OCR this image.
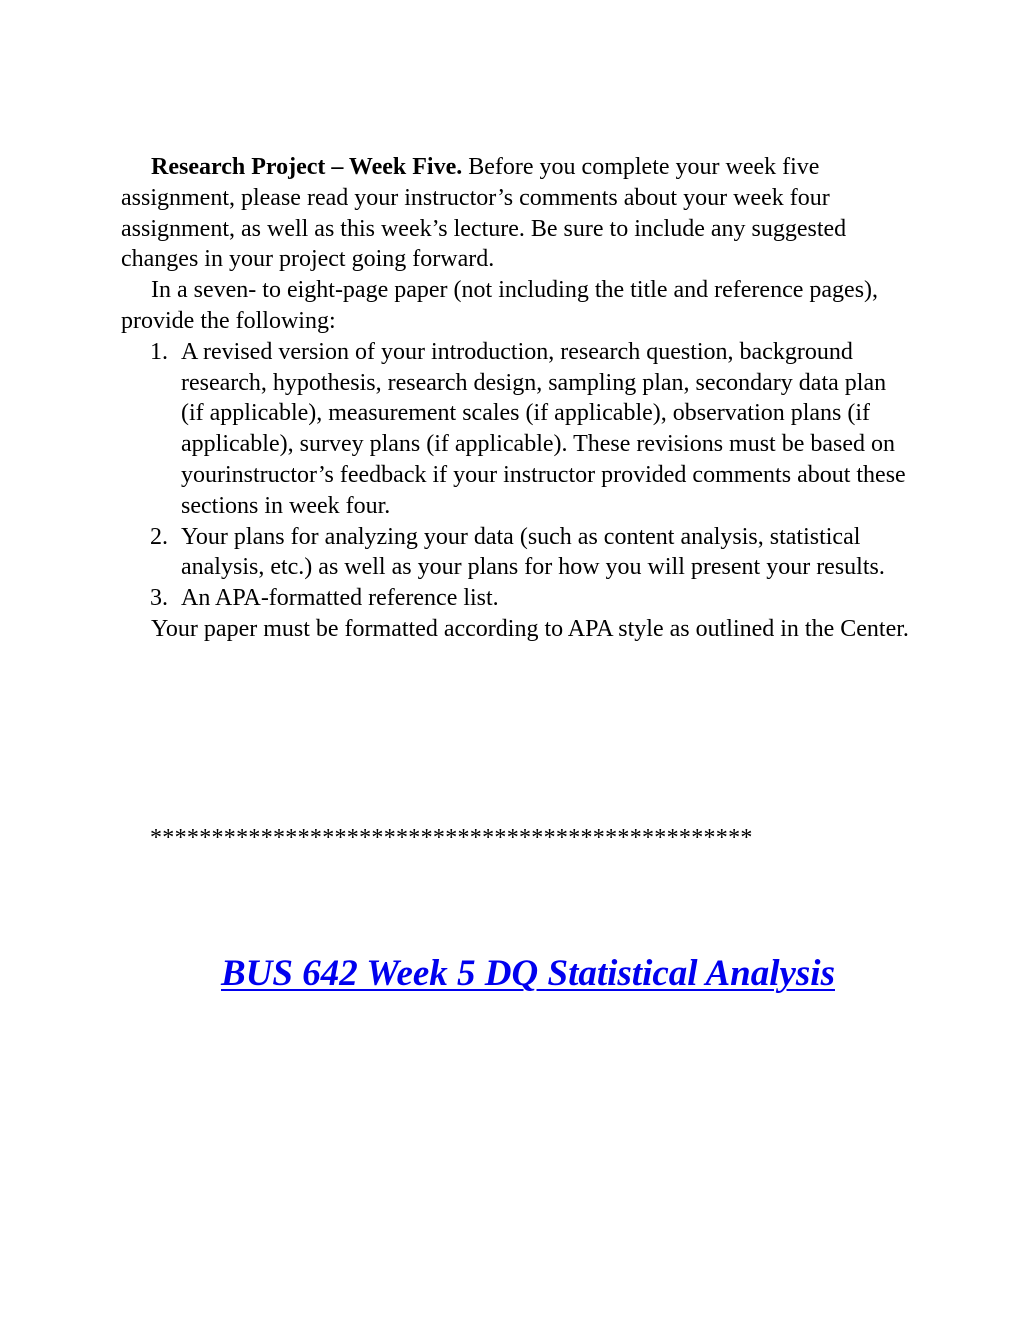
Research Project – Week Five. Before you complete your week five assignment, please read your instructor’s comments about your week four assignment, as well as this week’s lecture. Be sure to include any suggested changes in your project going forward.

In a seven- to eight-page paper (not including the title and reference pages), provide the following:

1. A revised version of your introduction, research question, background research, hypothesis, research design, sampling plan, secondary data plan (if applicable), measurement scales (if applicable), observation plans (if applicable), survey plans (if applicable). These revisions must be based on yourinstructor’s feedback if your instructor provided comments about these sections in week four.
2. Your plans for analyzing your data (such as content analysis, statistical analysis, etc.) as well as your plans for how you will present your results.
3. An APA-formatted reference list.

Your paper must be formatted according to APA style as outlined in the Center.

*************************************************
BUS 642 Week 5 DQ Statistical Analysis
